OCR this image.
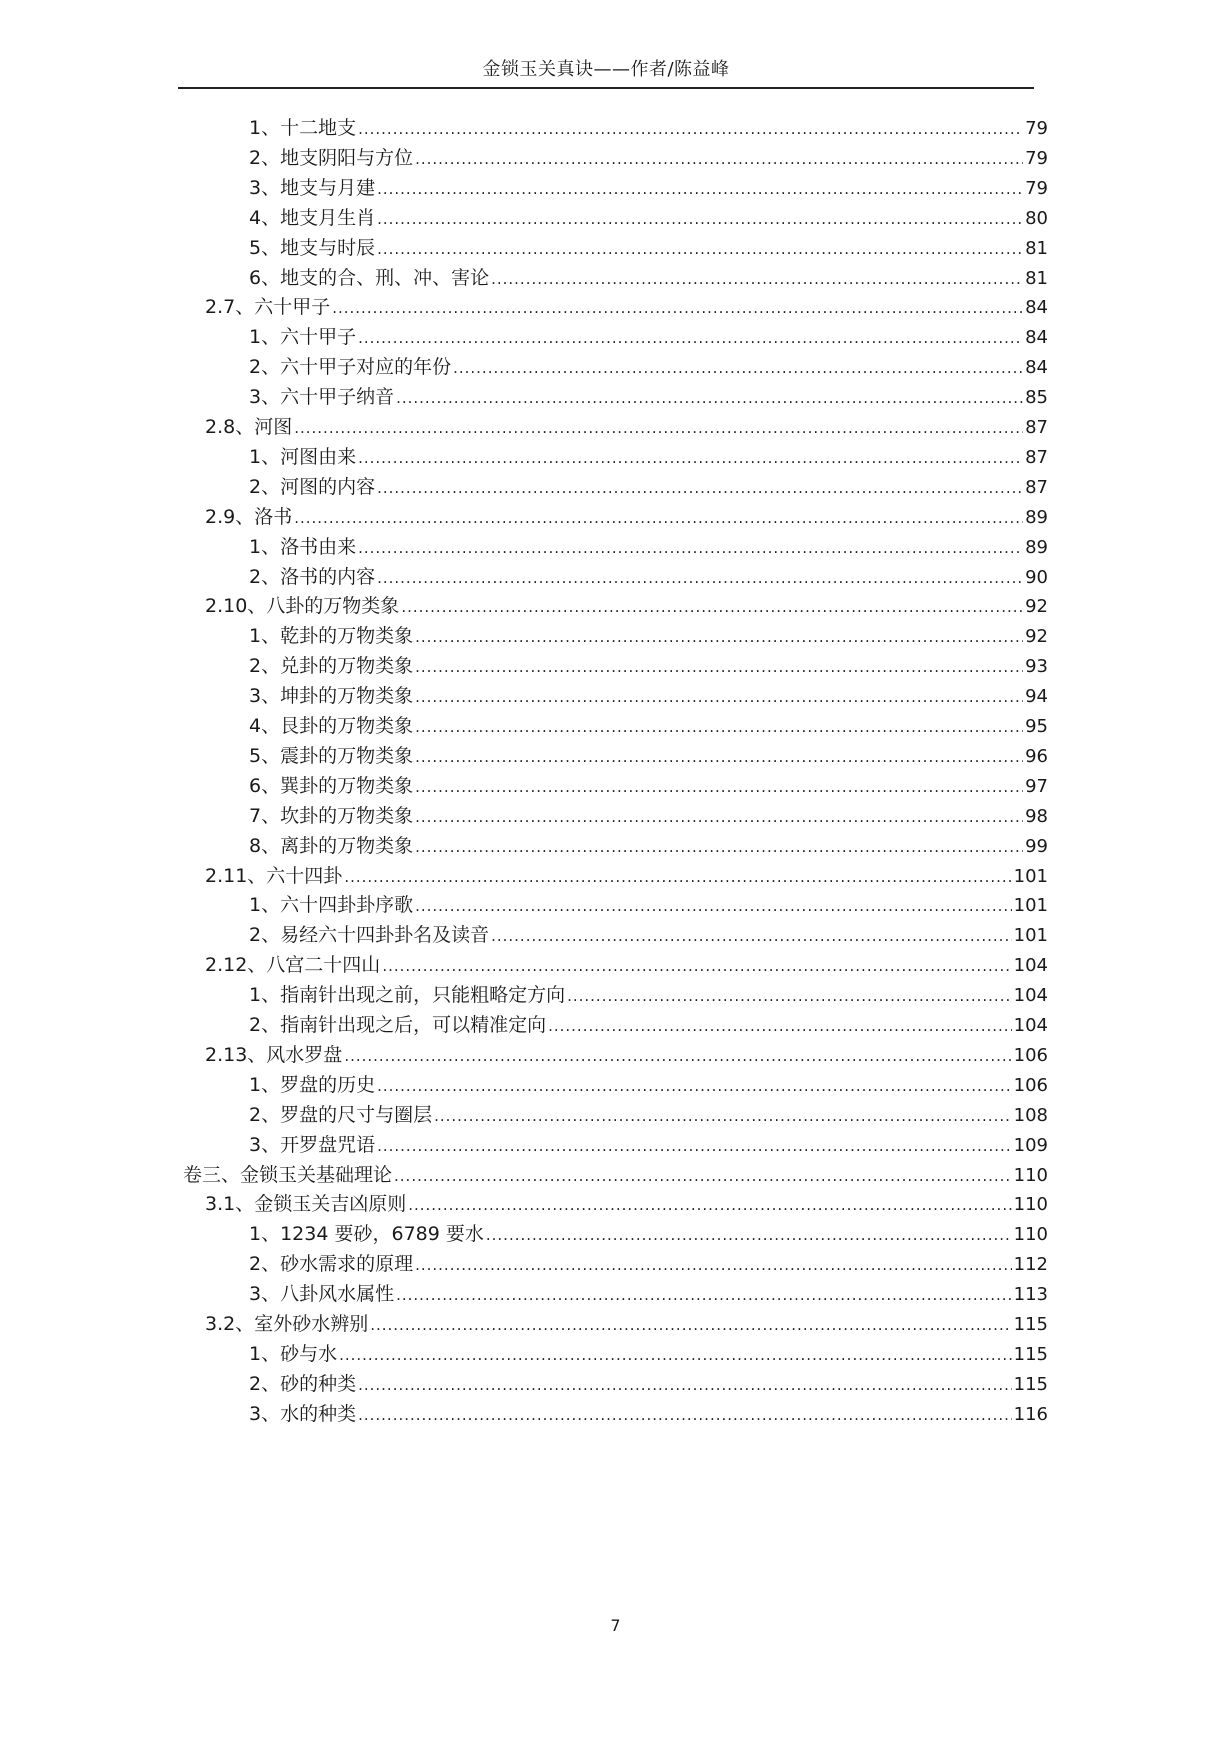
金锁玉关真诀——作者/陈益峰
1、十二地支 .....	79
2、地支阴阳与方位 .....	79
3、地支与月建 .....	79
4、地支月生肖 .....	80
5、地支与时辰 .....	81
6、地支的合、刑、冲、害论 .....	81
2.7、六十甲子 .....	84
1、六十甲子 .....	84
2、六十甲子对应的年份 .....	84
3、六十甲子纳音 .....	85
2.8、河图 .....	87
1、河图由来 .....	87
2、河图的内容 .....	87
2.9、洛书 .....	89
1、洛书由来 .....	89
2、洛书的内容 .....	90
2.10、八卦的万物类象 .....	92
1、乾卦的万物类象 .....	92
2、兑卦的万物类象 .....	93
3、坤卦的万物类象 .....	94
4、艮卦的万物类象 .....	95
5、震卦的万物类象 .....	96
6、巽卦的万物类象 .....	97
7、坎卦的万物类象 .....	98
8、离卦的万物类象 .....	99
2.11、六十四卦 .....	101
1、六十四卦卦序歌 .....	101
2、易经六十四卦卦名及读音 .....	101
2.12、八宫二十四山 .....	104
1、指南针出现之前，只能粗略定方向 .....	104
2、指南针出现之后，可以精准定向 .....	104
2.13、风水罗盘 .....	106
1、罗盘的历史 .....	106
2、罗盘的尺寸与圈层 .....	108
3、开罗盘咒语 .....	109
卷三、金锁玉关基础理论 .....	110
3.1、金锁玉关吉凶原则 .....	110
1、1234 要砂，6789 要水 .....	110
2、砂水需求的原理 .....	112
3、八卦风水属性 .....	113
3.2、室外砂水辨别 .....	115
1、砂与水 .....	115
2、砂的种类 .....	115
3、水的种类 .....	116
7
